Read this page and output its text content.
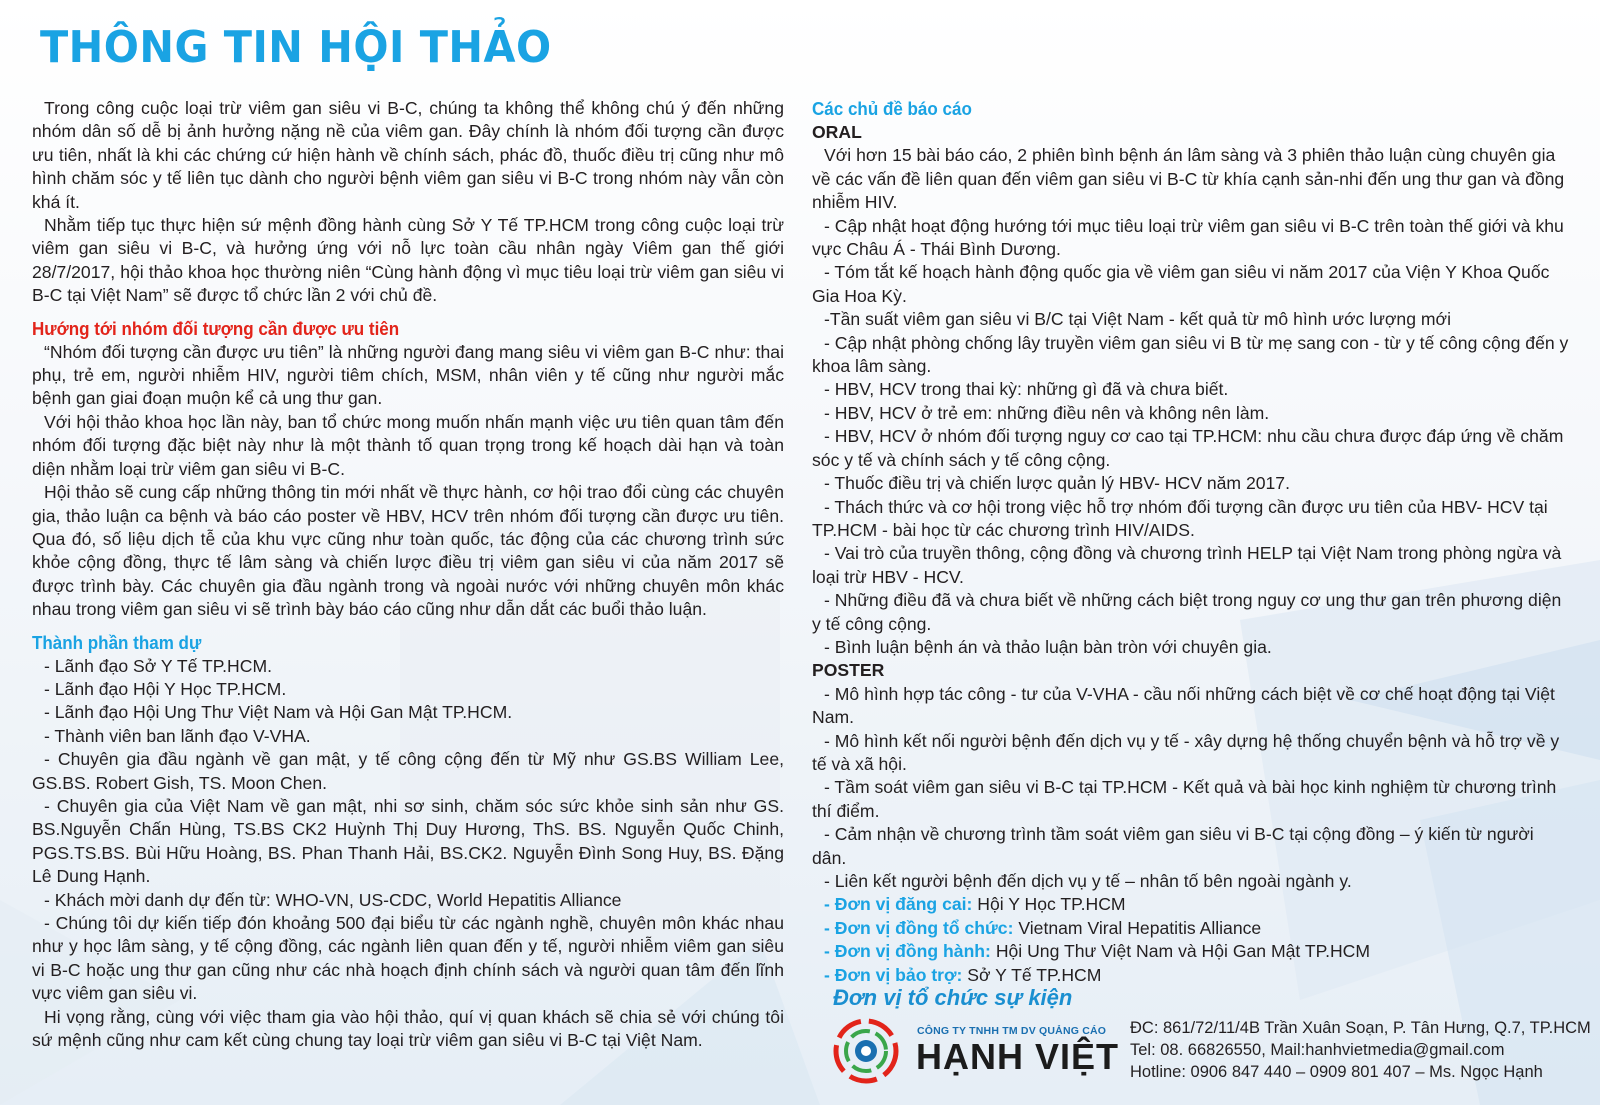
THÔNG TIN HỘI THẢO

Trong công cuộc loại trừ viêm gan siêu vi B-C, chúng ta không thể không chú ý đến những nhóm dân số dễ bị ảnh hưởng nặng nề của viêm gan. Đây chính là nhóm đối tượng cần được ưu tiên, nhất là khi các chứng cứ hiện hành về chính sách, phác đồ, thuốc điều trị cũng như mô hình chăm sóc y tế liên tục dành cho người bệnh viêm gan siêu vi B-C trong nhóm này vẫn còn khá ít.

Nhằm tiếp tục thực hiện sứ mệnh đồng hành cùng Sở Y Tế TP.HCM trong công cuộc loại trừ viêm gan siêu vi B-C, và hưởng ứng với nỗ lực toàn cầu nhân ngày Viêm gan thế giới 28/7/2017, hội thảo khoa học thường niên “Cùng hành động vì mục tiêu loại trừ viêm gan siêu vi B-C tại Việt Nam” sẽ được tổ chức lần 2 với chủ đề.

Hướng tới nhóm đối tượng cần được ưu tiên

“Nhóm đối tượng cần được ưu tiên” là những người đang mang siêu vi viêm gan B-C như: thai phụ, trẻ em, người nhiễm HIV, người tiêm chích, MSM, nhân viên y tế cũng như người mắc bệnh gan giai đoạn muộn kể cả ung thư gan.

Với hội thảo khoa học lần này, ban tổ chức mong muốn nhấn mạnh việc ưu tiên quan tâm đến nhóm đối tượng đặc biệt này như là một thành tố quan trọng trong kế hoạch dài hạn và toàn diện nhằm loại trừ viêm gan siêu vi B-C.

Hội thảo sẽ cung cấp những thông tin mới nhất về thực hành, cơ hội trao đổi cùng các chuyên gia, thảo luận ca bệnh và báo cáo poster về HBV, HCV trên nhóm đối tượng cần được ưu tiên. Qua đó, số liệu dịch tễ của khu vực cũng như toàn quốc, tác động của các chương trình sức khỏe cộng đồng, thực tế lâm sàng và chiến lược điều trị viêm gan siêu vi của năm 2017 sẽ được trình bày. Các chuyên gia đầu ngành trong và ngoài nước với những chuyên môn khác nhau trong viêm gan siêu vi sẽ trình bày báo cáo cũng như dẫn dắt các buổi thảo luận.

Thành phần tham dự
- Lãnh đạo Sở Y Tế TP.HCM.
- Lãnh đạo Hội Y Học TP.HCM.
- Lãnh đạo Hội Ung Thư Việt Nam và Hội Gan Mật TP.HCM.
- Thành viên ban lãnh đạo V-VHA.
- Chuyên gia đầu ngành về gan mật, y tế công cộng đến từ Mỹ như GS.BS William Lee, GS.BS. Robert Gish, TS. Moon Chen.
- Chuyên gia của Việt Nam về gan mật, nhi sơ sinh, chăm sóc sức khỏe sinh sản như GS. BS.Nguyễn Chấn Hùng, TS.BS CK2 Huỳnh Thị Duy Hương, ThS. BS. Nguyễn Quốc Chinh, PGS.TS.BS. Bùi Hữu Hoàng, BS. Phan Thanh Hải, BS.CK2. Nguyễn Đình Song Huy, BS. Đặng Lê Dung Hạnh.
- Khách mời danh dự đến từ: WHO-VN, US-CDC, World Hepatitis Alliance
- Chúng tôi dự kiến tiếp đón khoảng 500 đại biểu từ các ngành nghề, chuyên môn khác nhau như y học lâm sàng, y tế cộng đồng, các ngành liên quan đến y tế, người nhiễm viêm gan siêu vi B-C hoặc ung thư gan cũng như các nhà hoạch định chính sách và người quan tâm đến lĩnh vực viêm gan siêu vi.
Hi vọng rằng, cùng với việc tham gia vào hội thảo, quí vị quan khách sẽ chia sẻ với chúng tôi sứ mệnh cũng như cam kết cùng chung tay loại trừ viêm gan siêu vi B-C tại Việt Nam.
Các chủ đề báo cáo
ORAL

Với hơn 15 bài báo cáo, 2 phiên bình bệnh án lâm sàng và 3 phiên thảo luận cùng chuyên gia về các vấn đề liên quan đến viêm gan siêu vi B-C từ khía cạnh sản-nhi đến ung thư gan và đồng nhiễm HIV.

- Cập nhật hoạt động hướng tới mục tiêu loại trừ viêm gan siêu vi B-C trên toàn thế giới và khu vực Châu Á - Thái Bình Dương.
- Tóm tắt kế hoạch hành động quốc gia về viêm gan siêu vi năm 2017 của Viện Y Khoa Quốc Gia Hoa Kỳ.
-Tần suất viêm gan siêu vi B/C tại Việt Nam - kết quả từ mô hình ước lượng mới
- Cập nhật phòng chống lây truyền viêm gan siêu vi B từ mẹ sang con - từ y tế công cộng đến y khoa lâm sàng.
- HBV, HCV trong thai kỳ: những gì đã và chưa biết.
- HBV, HCV ở trẻ em: những điều nên và không nên làm.
- HBV, HCV ở nhóm đối tượng nguy cơ cao tại TP.HCM: nhu cầu chưa được đáp ứng về chăm sóc y tế và chính sách y tế công cộng.
- Thuốc điều trị và chiến lược quản lý HBV- HCV năm 2017.
- Thách thức và cơ hội trong việc hỗ trợ nhóm đối tượng cần được ưu tiên của HBV- HCV tại TP.HCM - bài học từ các chương trình HIV/AIDS.
- Vai trò của truyền thông, cộng đồng và chương trình HELP tại Việt Nam trong phòng ngừa và loại trừ HBV - HCV.
- Những điều đã và chưa biết về những cách biệt trong nguy cơ ung thư gan trên phương diện y tế công cộng.
- Bình luận bệnh án và thảo luận bàn tròn với chuyên gia.
POSTER
- Mô hình hợp tác công - tư của V-VHA - cầu nối những cách biệt về cơ chế hoạt động tại Việt Nam.
- Mô hình kết nối người bệnh đến dịch vụ y tế - xây dựng hệ thống chuyển bệnh và hỗ trợ về y tế và xã hội.
- Tầm soát viêm gan siêu vi B-C tại TP.HCM - Kết quả và bài học kinh nghiệm từ chương trình thí điểm.
- Cảm nhận về chương trình tầm soát viêm gan siêu vi B-C tại cộng đồng – ý kiến từ người dân.
- Liên kết người bệnh đến dịch vụ y tế – nhân tố bên ngoài ngành y.
- Đơn vị đăng cai: Hội Y Học TP.HCM
- Đơn vị đồng tổ chức: Vietnam Viral Hepatitis Alliance
- Đơn vị đồng hành: Hội Ung Thư Việt Nam và Hội Gan Mật TP.HCM
- Đơn vị bảo trợ: Sở Y Tế TP.HCM
Đơn vị tổ chức sự kiện
CÔNG TY TNHH TM DV QUẢNG CÁO
HẠNH VIỆT
ĐC: 861/72/11/4B Trần Xuân Soạn, P. Tân Hưng, Q.7, TP.HCM
Tel: 08. 66826550, Mail:hanhvietmedia@gmail.com
Hotline: 0906 847 440 – 0909 801 407 – Ms. Ngọc Hạnh
